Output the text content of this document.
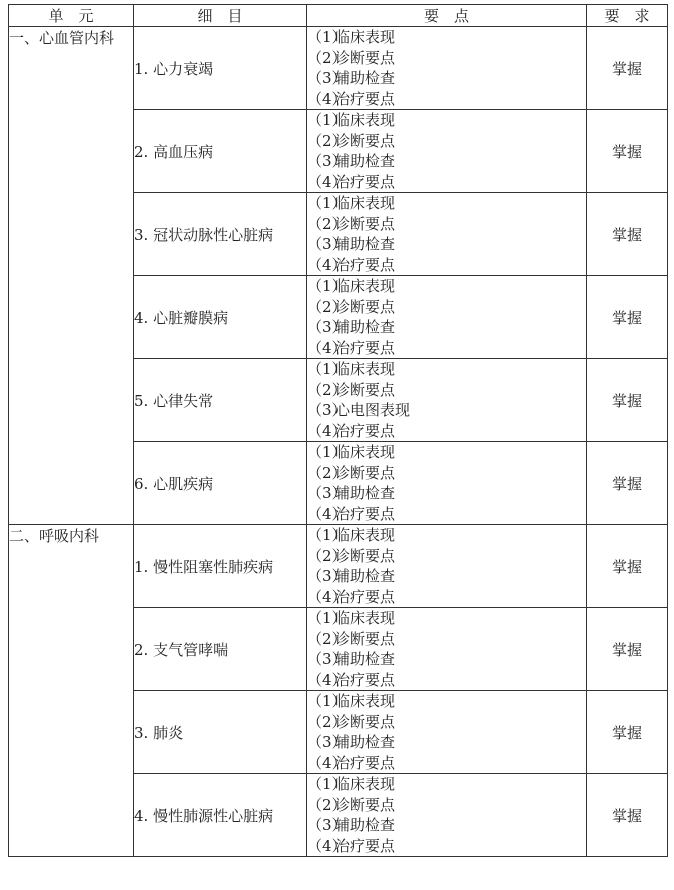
单　元	细　目	要　点	要　求
一、心血管内科	1. 心力衰竭	（1）临床表现
（2）诊断要点
（3）辅助检查
（4）治疗要点	掌握
	2. 高血压病	（1）临床表现
（2）诊断要点
（3）辅助检查
（4）治疗要点	掌握
	3. 冠状动脉性心脏病	（1）临床表现
（2）诊断要点
（3）辅助检查
（4）治疗要点	掌握
	4. 心脏瓣膜病	（1）临床表现
（2）诊断要点
（3）辅助检查
（4）治疗要点	掌握
	5. 心律失常	（1）临床表现
（2）诊断要点
（3）心电图表现
（4）治疗要点	掌握
	6. 心肌疾病	（1）临床表现
（2）诊断要点
（3）辅助检查
（4）治疗要点	掌握
二、呼吸内科	1. 慢性阻塞性肺疾病	（1）临床表现
（2）诊断要点
（3）辅助检查
（4）治疗要点	掌握
	2. 支气管哮喘	（1）临床表现
（2）诊断要点
（3）辅助检查
（4）治疗要点	掌握
	3. 肺炎	（1）临床表现
（2）诊断要点
（3）辅助检查
（4）治疗要点	掌握
	4. 慢性肺源性心脏病	（1）临床表现
（2）诊断要点
（3）辅助检查
（4）治疗要点	掌握
